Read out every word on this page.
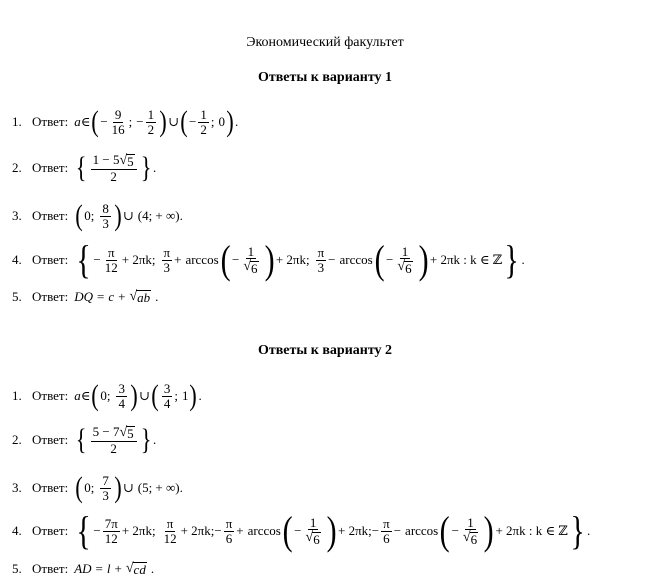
Экономический факультет
Ответы к варианту 1
1. Ответ: a ∈ ( − $\frac{9}{16}$ ; − $\frac{1}{2}$ ) ∪ ( − $\frac{1}{2}$ ; 0 ) .
2. Ответ: { $\frac{1 - 5 √ 5}{2}$ } .
3. Ответ: ( 0 ; $\frac{8}{3}$ ) ∪ (4; + ∞) .
4. Ответ: { − $\frac{\pi}{12} + 2\pi k$; $\frac{\pi}{3} + \arccos$ ( − $\frac{1}{√ 6}$ ) + 2πk; $\frac{\pi}{3} - \arccos$ ( − $\frac{1}{√ 6}$ ) + 2πk : k ∈ ℤ } .
5. Ответ: DQ = c + √ ab .
Ответы к варианту 2
1. Ответ: a ∈ ( 0 ; $\frac{3}{4}$ ) ∪ ( $\frac{3}{4}$ ; 1 ) .
2. Ответ: { $\frac{5 - 7 √ 5}{2}$ } .
3. Ответ: ( 0 ; $\frac{7}{3}$ ) ∪ (5; + ∞) .
4. Ответ: { − $\frac{7\pi}{12} + 2\pi k$; $\frac{\pi}{12} + 2\pi k$; − $\frac{\pi}{6} + \arccos$ ( − $\frac{1}{√ 6}$ ) + 2πk; − $\frac{\pi}{6} - \arccos$ ( − $\frac{1}{√ 6}$ ) + 2πk : k ∈ ℤ } .
5. Ответ: AD = l + √ cd .
